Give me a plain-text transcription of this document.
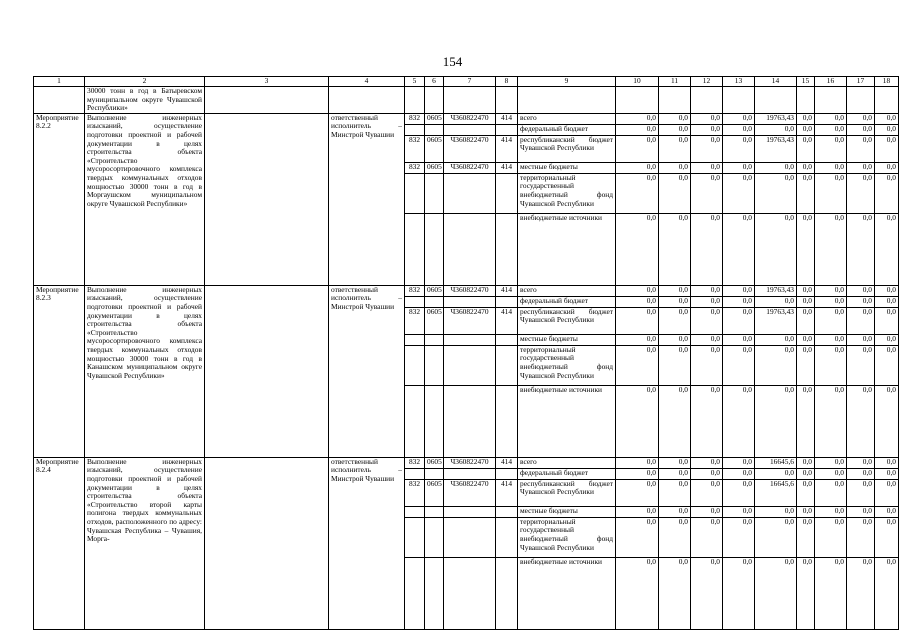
154
1	2	3	4	5	6	7	8	9	10	11	12	13	14	15	16	17	18
	30000 тонн в год в Батыревском муниципальном округе Чувашской Республики»																
Мероприятие 8.2.2	Выполнение инженерных изысканий, осуществление подготовки проектной и рабочей документации в целях строительства объекта «Строительство мусоросортировочного комплекса твердых коммунальных отходов мощностью 30000 тонн в год в Моргаушском муниципальном округе Чувашской Республики»		ответственный исполнитель – Минстрой Чувашии	832	0605	Ч360822470	414	всего	0,0	0,0	0,0	0,0	19763,43	0,0	0,0	0,0	0,0
								федеральный бюджет	0,0	0,0	0,0	0,0	0,0	0,0	0,0	0,0	0,0
				832	0605	Ч360822470	414	республиканский бюджет Чувашской Республики	0,0	0,0	0,0	0,0	19763,43	0,0	0,0	0,0	0,0
				832	0605	Ч360822470	414	местные бюджеты	0,0	0,0	0,0	0,0	0,0	0,0	0,0	0,0	0,0
								территориальный государственный внебюджетный фонд Чувашской Республики	0,0	0,0	0,0	0,0	0,0	0,0	0,0	0,0	0,0
								внебюджетные источники	0,0	0,0	0,0	0,0	0,0	0,0	0,0	0,0	0,0
Мероприятие 8.2.3	Выполнение инженерных изысканий, осуществление подготовки проектной и рабочей документации в целях строительства объекта «Строительство мусоросортировочного комплекса твердых коммунальных отходов мощностью 30000 тонн в год в Канашском муниципальном округе Чувашской Республики»		ответственный исполнитель – Минстрой Чувашии	832	0605	Ч360822470	414	всего	0,0	0,0	0,0	0,0	19763,43	0,0	0,0	0,0	0,0
								федеральный бюджет	0,0	0,0	0,0	0,0	0,0	0,0	0,0	0,0	0,0
				832	0605	Ч360822470	414	республиканский бюджет Чувашской Республики	0,0	0,0	0,0	0,0	19763,43	0,0	0,0	0,0	0,0
								местные бюджеты	0,0	0,0	0,0	0,0	0,0	0,0	0,0	0,0	0,0
								территориальный государственный внебюджетный фонд Чувашской Республики	0,0	0,0	0,0	0,0	0,0	0,0	0,0	0,0	0,0
								внебюджетные источники	0,0	0,0	0,0	0,0	0,0	0,0	0,0	0,0	0,0
Мероприятие 8.2.4	Выполнение инженерных изысканий, осуществление подготовки проектной и рабочей документации в целях строительства объекта «Строительство второй карты полигона твердых коммунальных отходов, расположенного по адресу: Чувашская Республика – Чувашия, Морга-		ответственный исполнитель – Минстрой Чувашии	832	0605	Ч360822470	414	всего	0,0	0,0	0,0	0,0	16645,6	0,0	0,0	0,0	0,0
								федеральный бюджет	0,0	0,0	0,0	0,0	0,0	0,0	0,0	0,0	0,0
				832	0605	Ч360822470	414	республиканский бюджет Чувашской Республики	0,0	0,0	0,0	0,0	16645,6	0,0	0,0	0,0	0,0
								местные бюджеты	0,0	0,0	0,0	0,0	0,0	0,0	0,0	0,0	0,0
								территориальный государственный внебюджетный фонд Чувашской Республики	0,0	0,0	0,0	0,0	0,0	0,0	0,0	0,0	0,0
								внебюджетные источники	0,0	0,0	0,0	0,0	0,0	0,0	0,0	0,0	0,0
